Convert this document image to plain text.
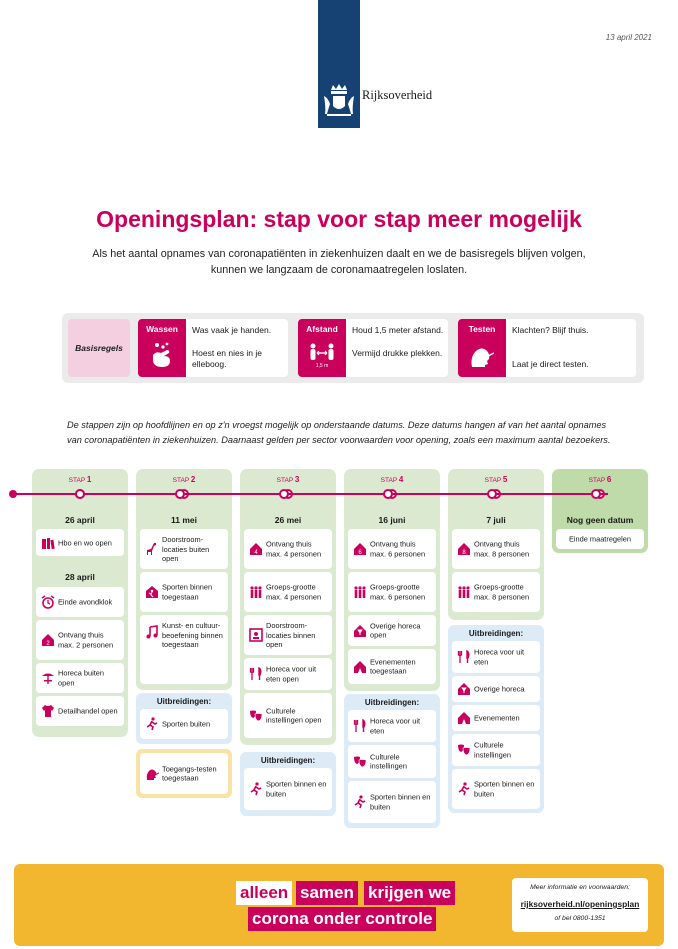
Rijksoverheid
13 april 2021
Openingsplan: stap voor stap meer mogelijk
Als het aantal opnames van coronapatiënten in ziekenhuizen daalt en we de basisregels blijven volgen,
kunnen we langzaam de coronamaatregelen loslaten.
Basisregels
Wassen	Was vaak je handen.
Hoest en nies in je elleboog.
Afstand
1,5 m
Houd 1,5 meter afstand.
Vermijd drukke plekken.
Testen	Klachten? Blijf thuis.
Laat je direct testen.
De stappen zijn op hoofdlijnen en op z'n vroegst mogelijk op onderstaande datums. Deze datums hangen af van het aantal opnames
van coronapatiënten in ziekenhuizen. Daarnaast gelden per sector voorwaarden voor opening, zoals een maximum aantal bezoekers.
STAP 1
26 april
Hbo en wo open
28 april
Einde avondklok
2
Ontvang thuis max. 2 personen
Horeca buiten open
Detailhandel open
STAP 2
11 mei
Doorstroom-locaties buiten open
Sporten binnen toegestaan
Kunst- en cultuur-beoefening binnen toegestaan
Uitbreidingen:
Sporten buiten
Toegangs-testen toegestaan
STAP 3
26 mei
4
Ontvang thuis max. 4 personen
Groeps-grootte max. 4 personen
Doorstroom-locaties binnen open
Horeca voor uit eten open
Culturele instellingen open
Uitbreidingen:
Sporten binnen en buiten
STAP 4
16 juni
6
Ontvang thuis max. 6 personen
Groeps-grootte max. 6 personen
Overige horeca open
Evenementen toegestaan
Uitbreidingen:
Horeca voor uit eten
Culturele instellingen
Sporten binnen en buiten
STAP 5
7 juli
8
Ontvang thuis max. 8 personen
Groeps-grootte max. 8 personen
Uitbreidingen:
Horeca voor uit eten
Overige horeca
Evenementen
Culturele instellingen
Sporten binnen en buiten
STAP 6
Nog geen datum
Einde maatregelen
alleen samen krijgen we
corona onder controle
Meer informatie en voorwaarden:
rijksoverheid.nl/openingsplan
of bel 0800-1351
